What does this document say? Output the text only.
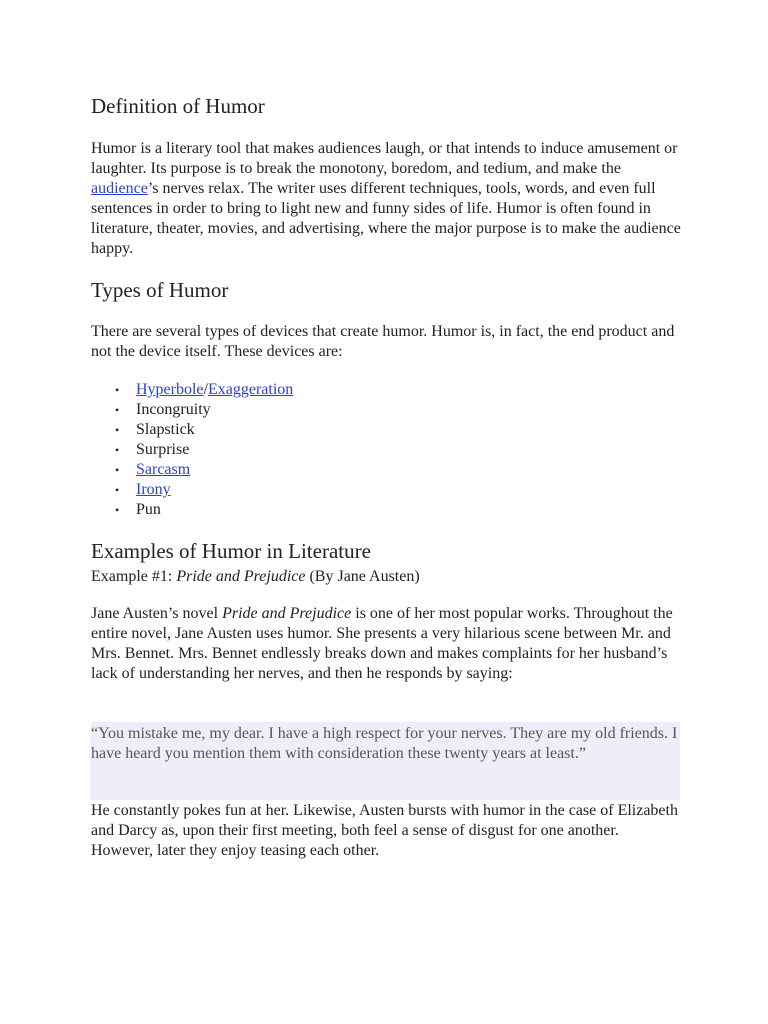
Definition of Humor

Humor is a literary tool that makes audiences laugh, or that intends to induce amusement or laughter. Its purpose is to break the monotony, boredom, and tedium, and make the audience’s nerves relax. The writer uses different techniques, tools, words, and even full sentences in order to bring to light new and funny sides of life. Humor is often found in literature, theater, movies, and advertising, where the major purpose is to make the audience happy.

Types of Humor

There are several types of devices that create humor. Humor is, in fact, the end product and not the device itself. These devices are:

• Hyperbole/Exaggeration
• Incongruity
• Slapstick
• Surprise
• Sarcasm
• Irony
• Pun
Examples of Humor in Literature

Example #1: Pride and Prejudice (By Jane Austen)

Jane Austen’s novel Pride and Prejudice is one of her most popular works. Throughout the entire novel, Jane Austen uses humor. She presents a very hilarious scene between Mr. and Mrs. Bennet. Mrs. Bennet endlessly breaks down and makes complaints for her husband’s lack of understanding her nerves, and then he responds by saying:

“You mistake me, my dear. I have a high respect for your nerves. They are my old friends. I have heard you mention them with consideration these twenty years at least.”

He constantly pokes fun at her. Likewise, Austen bursts with humor in the case of Elizabeth and Darcy as, upon their first meeting, both feel a sense of disgust for one another. However, later they enjoy teasing each other.
